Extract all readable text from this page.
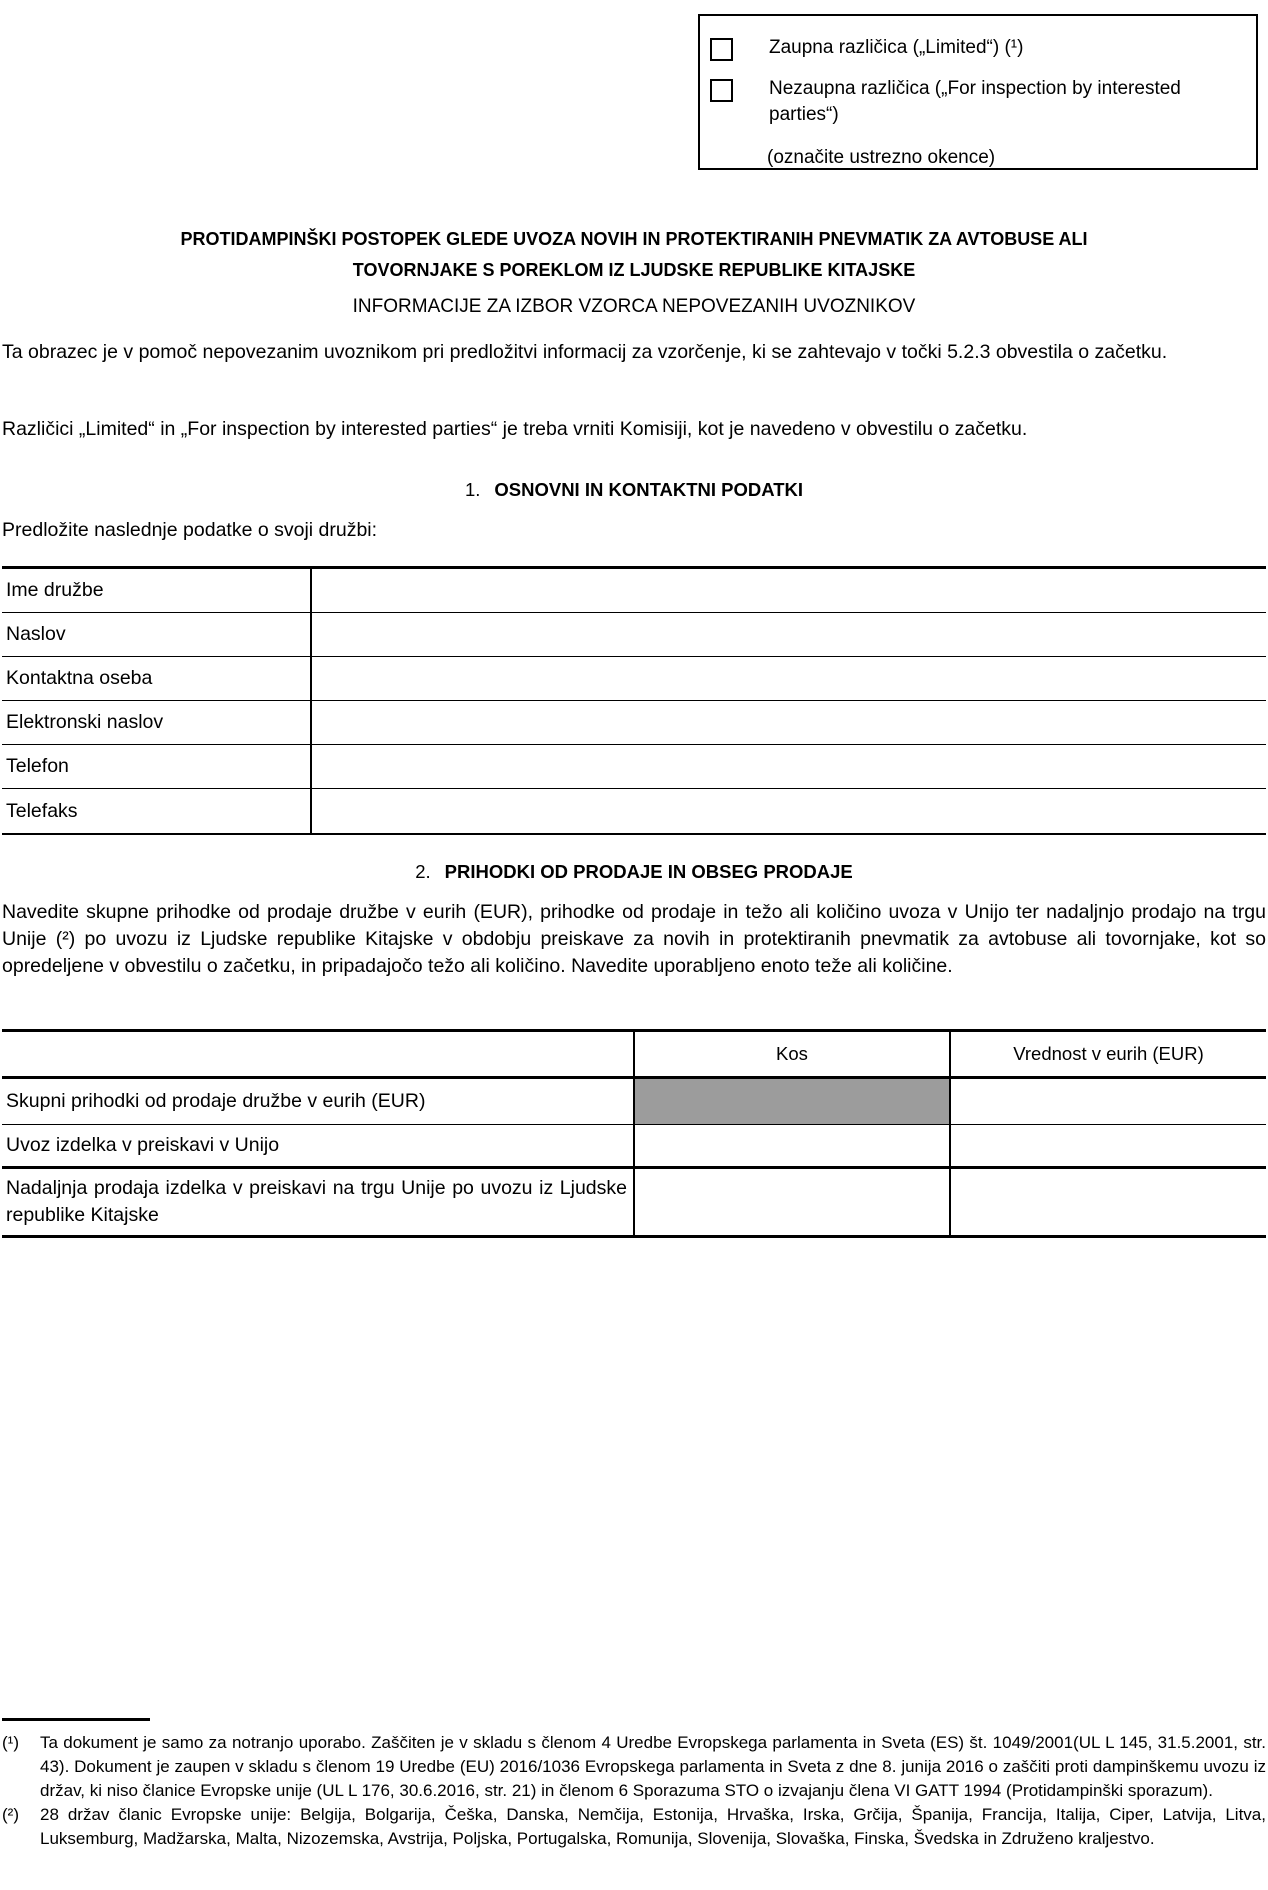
Zaupna različica („Limited“) (¹)
Nezaupna različica („For inspection by interested parties“)
(označite ustrezno okence)
PROTIDAMPINŠKI POSTOPEK GLEDE UVOZA NOVIH IN PROTEKTIRANIH PNEVMATIK ZA AVTOBUSE ALI
TOVORNJAKE S POREKLOM IZ LJUDSKE REPUBLIKE KITAJSKE
INFORMACIJE ZA IZBOR VZORCA NEPOVEZANIH UVOZNIKOV
Ta obrazec je v pomoč nepovezanim uvoznikom pri predložitvi informacij za vzorčenje, ki se zahtevajo v točki 5.2.3 obvestila o začetku.
Različici „Limited“ in „For inspection by interested parties“ je treba vrniti Komisiji, kot je navedeno v obvestilu o začetku.
1. OSNOVNI IN KONTAKTNI PODATKI
Predložite naslednje podatke o svoji družbi:
Ime družbe
Naslov
Kontaktna oseba
Elektronski naslov
Telefon
Telefaks
2. PRIHODKI OD PRODAJE IN OBSEG PRODAJE
Navedite skupne prihodke od prodaje družbe v eurih (EUR), prihodke od prodaje in težo ali količino uvoza v Unijo ter nadaljnjo prodajo na trgu Unije (²) po uvozu iz Ljudske republike Kitajske v obdobju preiskave za novih in protektiranih pnevmatik za avtobuse ali tovornjake, kot so opredeljene v obvestilu o začetku, in pripadajočo težo ali količino. Navedite uporabljeno enoto teže ali količine.
Kos	Vrednost v eurih (EUR)
Skupni prihodki od prodaje družbe v eurih (EUR)
Uvoz izdelka v preiskavi v Unijo
Nadaljnja prodaja izdelka v preiskavi na trgu Unije po uvozu iz Ljudske republike Kitajske
(¹)	Ta dokument je samo za notranjo uporabo. Zaščiten je v skladu s členom 4 Uredbe Evropskega parlamenta in Sveta (ES) št. 1049/2001(UL L 145, 31.5.2001, str. 43). Dokument je zaupen v skladu s členom 19 Uredbe (EU) 2016/1036 Evropskega parlamenta in Sveta z dne 8. junija 2016 o zaščiti proti dampinškemu uvozu iz držav, ki niso članice Evropske unije (UL L 176, 30.6.2016, str. 21) in členom 6 Sporazuma STO o izvajanju člena VI GATT 1994 (Protidampinški sporazum).
(²)	28 držav članic Evropske unije: Belgija, Bolgarija, Češka, Danska, Nemčija, Estonija, Hrvaška, Irska, Grčija, Španija, Francija, Italija, Ciper, Latvija, Litva, Luksemburg, Madžarska, Malta, Nizozemska, Avstrija, Poljska, Portugalska, Romunija, Slovenija, Slovaška, Finska, Švedska in Združeno kraljestvo.
